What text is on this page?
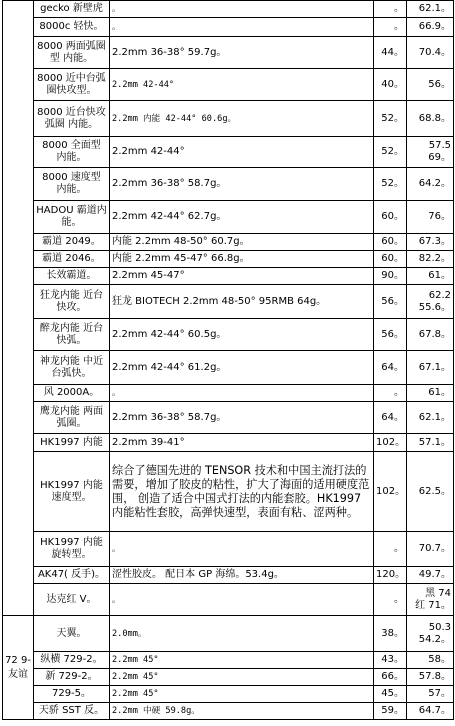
	gecko 新壁虎	。	。	62.1。
	8000c 轻快。	。	。	66.9。
	8000 两面弧圈型 内能。	2.2mm 36-38° 59.7g。	44。	70.4。
	8000 近中台弧圈快攻型。	2.2mm 42-44°	40。	56。
	8000 近台快攻弧圈 内能。	2.2mm 内能 42-44° 60.6g。	52。	68.8。
	8000 全面型 内能。	2.2mm 42-44°	52。	57.5
69。

	8000 速度型 内能。	2.2mm 36-38° 58.7g。	52。	64.2。
	HADOU 霸道内能。	2.2mm 42-44° 62.7g。	60。	76。
	霸道 2049。	内能 2.2mm 48-50° 60.7g。	60。	67.3。
	霸道 2046。	内能 2.2mm 45-47° 66.8g。	60。	82.2。
	长效霸道。	2.2mm 45-47°	90。	61。
	狂龙内能 近台快攻。	狂龙 BIOTECH 2.2mm 48-50° 95RMB 64g。	56。	62.2
55.6。

	醉龙内能 近台快弧。	2.2mm 42-44° 60.5g。	56。	67.8。
	神龙内能 中近台弧快。	2.2mm 42-44° 61.2g。	64。	67.1。
	风 2000A。	。	。	61。
	鹰龙内能 两面弧圈。	2.2mm 36-38° 58.7g。	64。	62.1。
	HK1997 内能	2.2mm 39-41°	102。	57.1。
	HK1997 内能速度型。	综合了德国先进的 TENSOR 技术和中国主流打法的需要，增加了胶皮的粘性，扩大了海面的适用硬度范围， 创造了适合中国式打法的内能套胶。HK1997 内能粘性套胶，高弹快速型，表面有粘、涩两种。	102。	62.5。
	HK1997 内能旋转型。	。	。	70.7。
	AK47( 反手)。	涩性胶皮。 配日本 GP 海绵。53.4g。	120。	49.7。
	达克红 V。	。	。	黑 74
红 71。

72 9- 友谊	天翼。	2.0mm。	38。	50.3
54.2。

	纵横 729-2。	2.2mm 45°	43。	58。
	新 729-2。	2.2mm 45°	66。	57.8。
	729-5。	2.2mm 45°	45。	57。
	天骄 SST 反。	2.2mm 中硬 59.8g。	59。	64.7。
